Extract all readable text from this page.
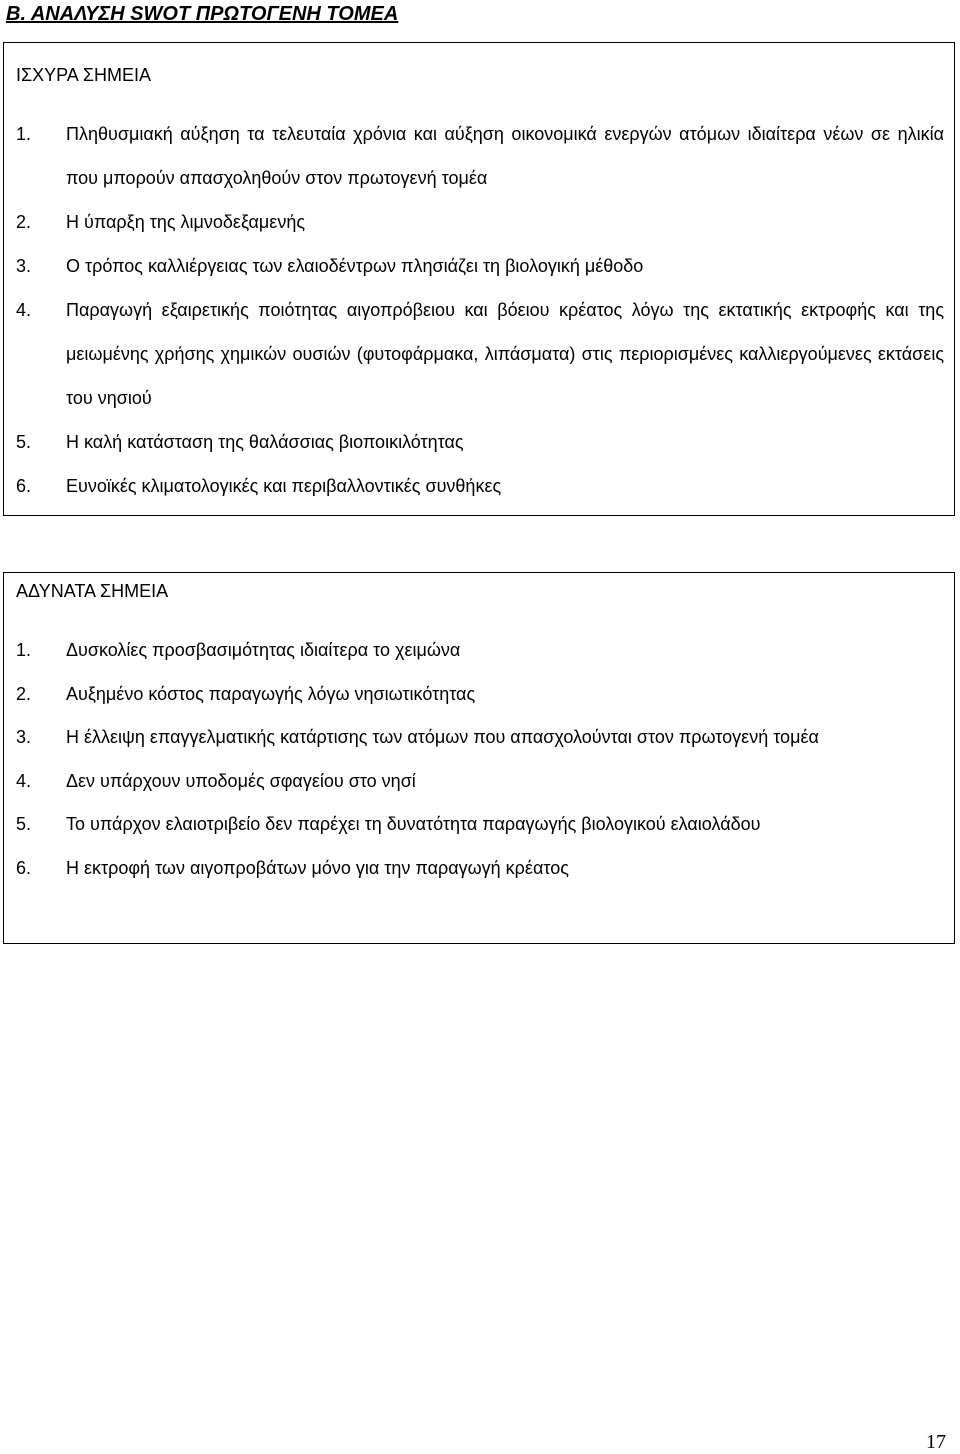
Β. ΑΝΑΛΥΣΗ SWOT ΠΡΩΤΟΓΕΝΗ ΤΟΜΕΑ
ΙΣΧΥΡΑ ΣΗΜΕΙΑ
1. Πληθυσμιακή αύξηση τα τελευταία χρόνια και αύξηση οικονομικά ενεργών ατόμων ιδιαίτερα νέων σε ηλικία που μπορούν απασχοληθούν στον πρωτογενή τομέα
2. Η ύπαρξη της λιμνοδεξαμενής
3. Ο τρόπος καλλιέργειας των ελαιοδέντρων πλησιάζει τη βιολογική μέθοδο
4. Παραγωγή εξαιρετικής ποιότητας αιγοπρόβειου και βόειου κρέατος λόγω της εκτατικής εκτροφής και της μειωμένης χρήσης χημικών ουσιών (φυτοφάρμακα, λιπάσματα) στις περιορισμένες καλλιεργούμενες εκτάσεις του νησιού
5. Η καλή κατάσταση της θαλάσσιας βιοποικιλότητας
6. Ευνοϊκές κλιματολογικές και περιβαλλοντικές συνθήκες
ΑΔΥΝΑΤΑ ΣΗΜΕΙΑ
1. Δυσκολίες προσβασιμότητας ιδιαίτερα το χειμώνα
2. Αυξημένο κόστος παραγωγής λόγω νησιωτικότητας
3. Η έλλειψη επαγγελματικής κατάρτισης των ατόμων που απασχολούνται στον πρωτογενή τομέα
4. Δεν υπάρχουν υποδομές σφαγείου στο νησί
5. Το υπάρχον ελαιοτριβείο δεν παρέχει τη δυνατότητα παραγωγής βιολογικού ελαιολάδου
6. Η εκτροφή των αιγοπροβάτων μόνο για την παραγωγή κρέατος

17
